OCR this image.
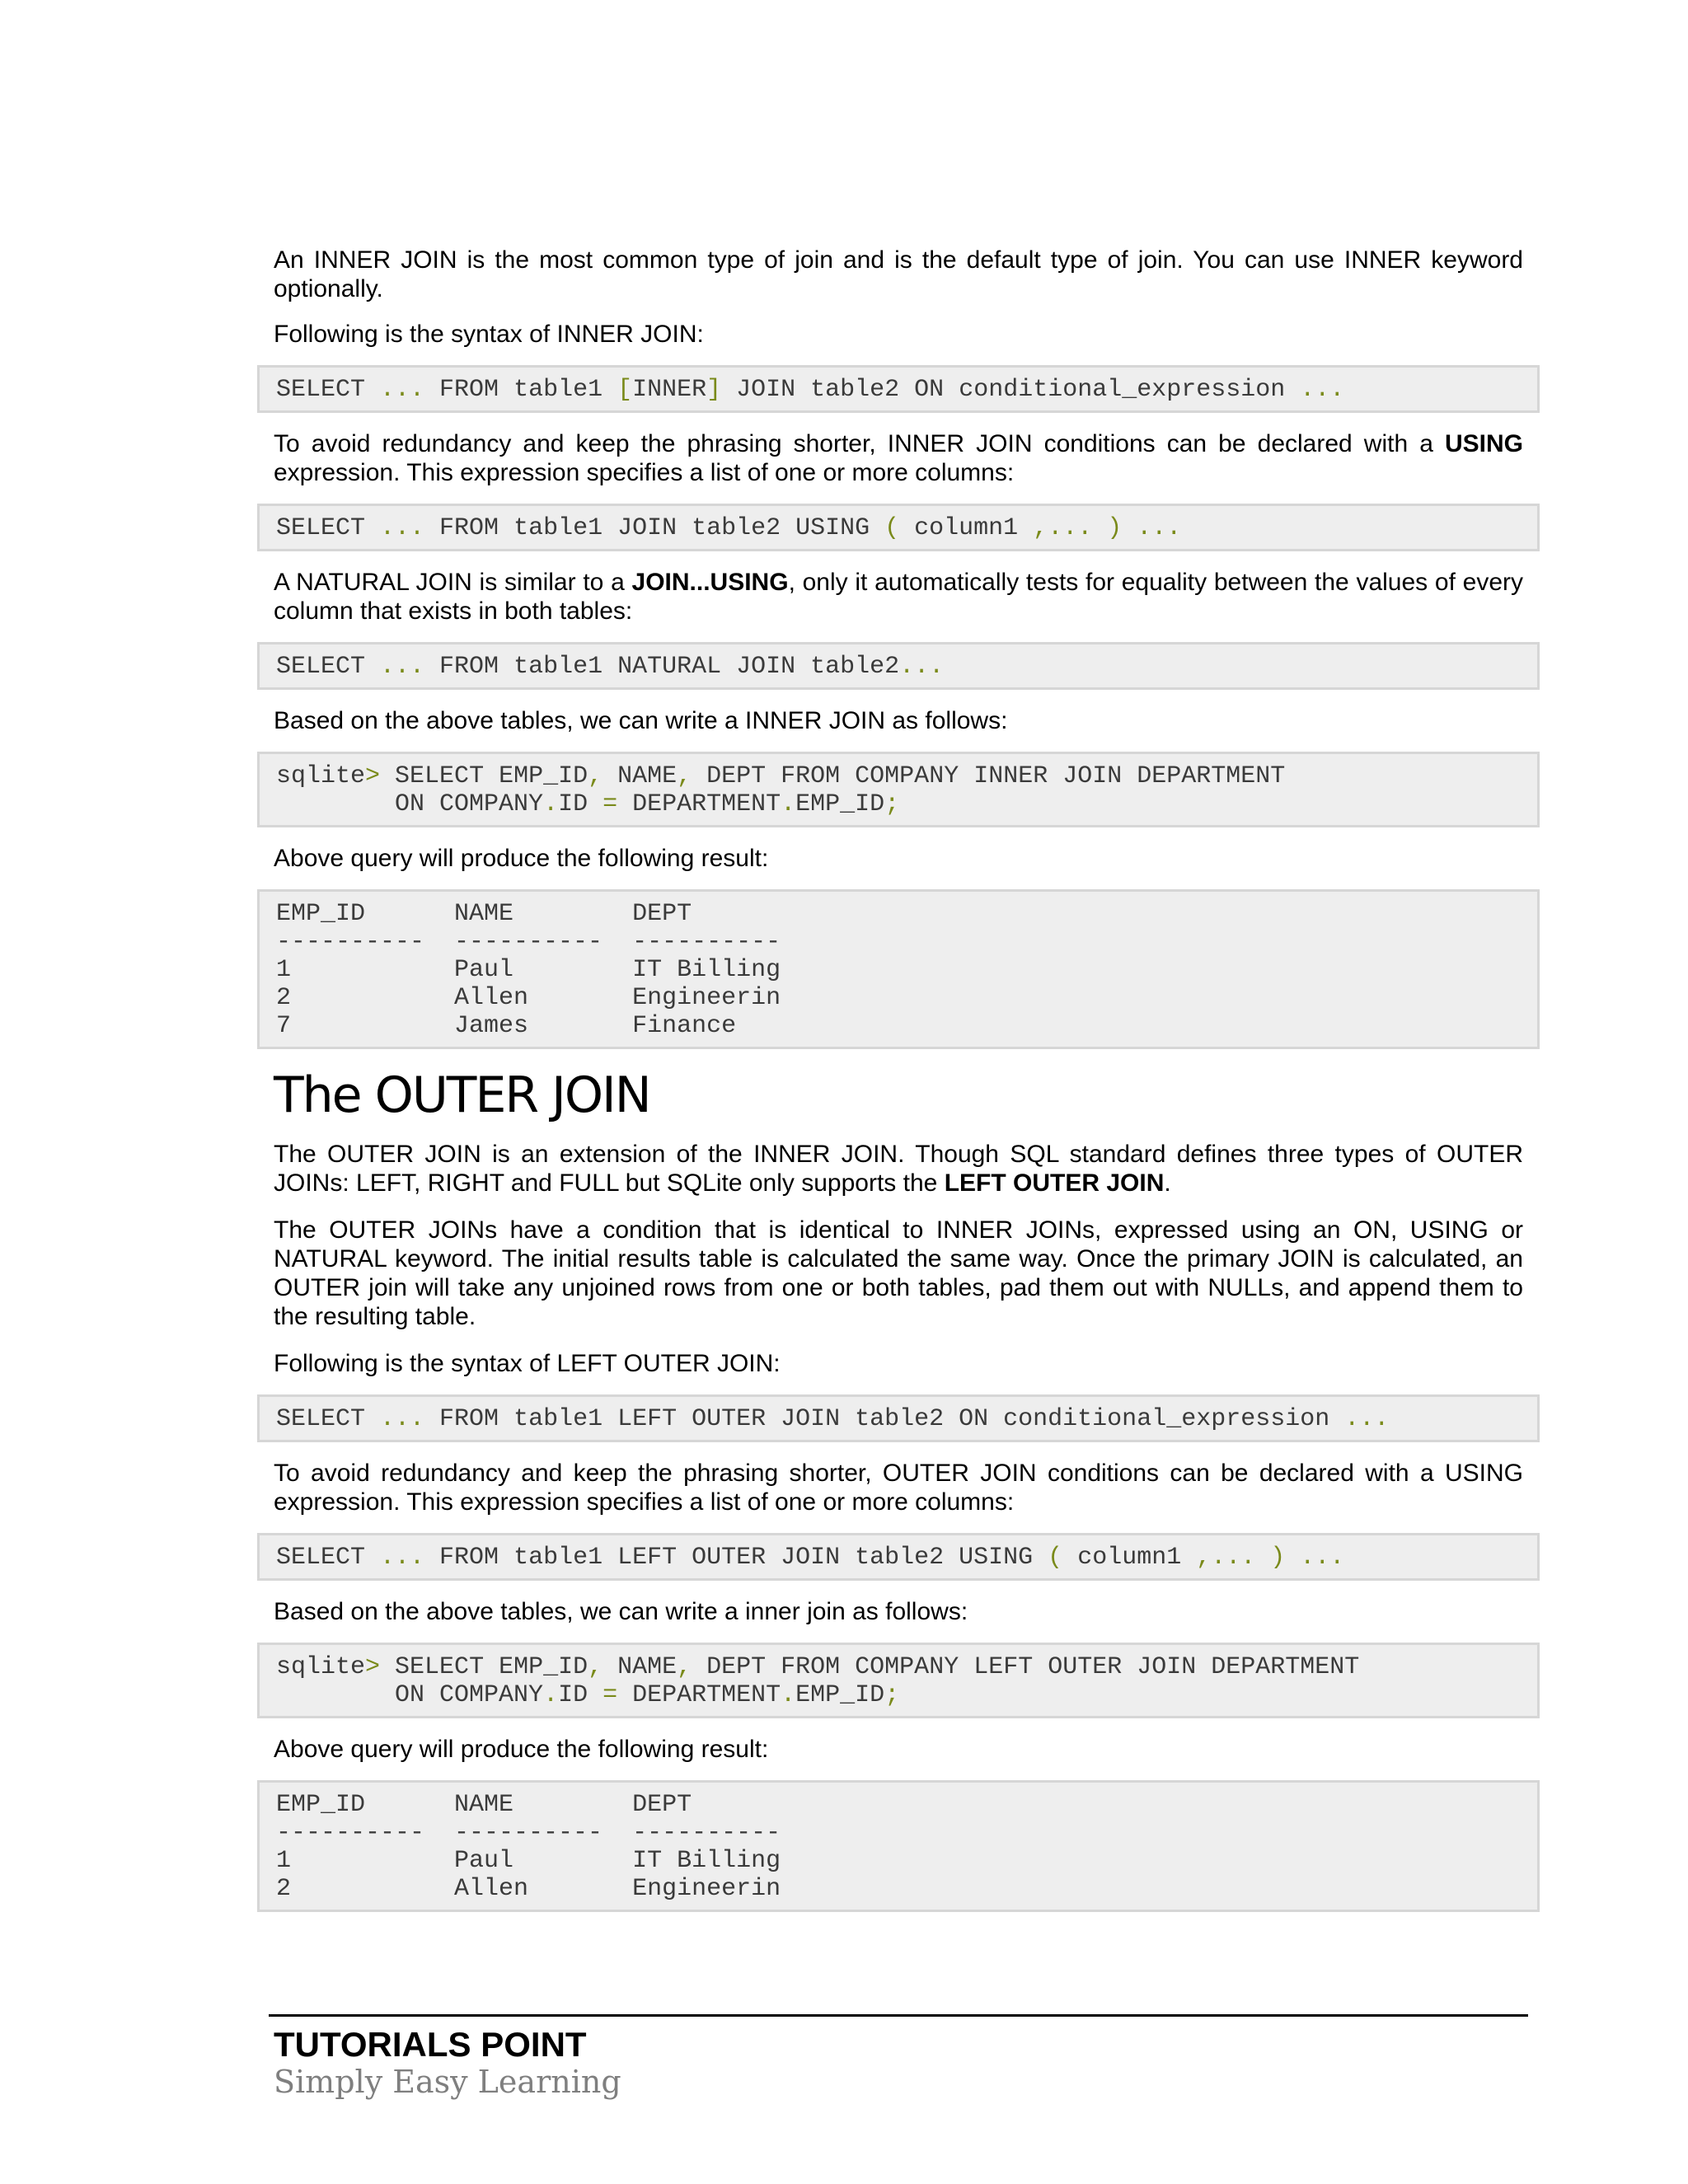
An INNER JOIN is the most common type of join and is the default type of join. You can use INNER keyword optionally.

Following is the syntax of INNER JOIN:

SELECT ... FROM table1 [INNER] JOIN table2 ON conditional_expression ...

To avoid redundancy and keep the phrasing shorter, INNER JOIN conditions can be declared with a USING expression. This expression specifies a list of one or more columns:

SELECT ... FROM table1 JOIN table2 USING ( column1 ,... ) ...

A NATURAL JOIN is similar to a JOIN...USING, only it automatically tests for equality between the values of every column that exists in both tables:

SELECT ... FROM table1 NATURAL JOIN table2...

Based on the above tables, we can write a INNER JOIN as follows:

sqlite> SELECT EMP_ID, NAME, DEPT FROM COMPANY INNER JOIN DEPARTMENT
ON COMPANY.ID = DEPARTMENT.EMP_ID;

Above query will produce the following result:

EMP_ID      NAME        DEPT
----------  ----------  ----------
1           Paul        IT Billing
2           Allen       Engineerin
7           James       Finance
The OUTER JOIN

The OUTER JOIN is an extension of the INNER JOIN. Though SQL standard defines three types of OUTER JOINs: LEFT, RIGHT and FULL but SQLite only supports the LEFT OUTER JOIN.

The OUTER JOINs have a condition that is identical to INNER JOINs, expressed using an ON, USING or NATURAL keyword. The initial results table is calculated the same way. Once the primary JOIN is calculated, an OUTER join will take any unjoined rows from one or both tables, pad them out with NULLs, and append them to the resulting table.

Following is the syntax of LEFT OUTER JOIN:

SELECT ... FROM table1 LEFT OUTER JOIN table2 ON conditional_expression ...

To avoid redundancy and keep the phrasing shorter, OUTER JOIN conditions can be declared with a USING expression. This expression specifies a list of one or more columns:

SELECT ... FROM table1 LEFT OUTER JOIN table2 USING ( column1 ,... ) ...

Based on the above tables, we can write a inner join as follows:

sqlite> SELECT EMP_ID, NAME, DEPT FROM COMPANY LEFT OUTER JOIN DEPARTMENT
ON COMPANY.ID = DEPARTMENT.EMP_ID;

Above query will produce the following result:

EMP_ID      NAME        DEPT
----------  ----------  ----------
1           Paul        IT Billing
2           Allen       Engineerin
TUTORIALS POINT
Simply Easy Learning
